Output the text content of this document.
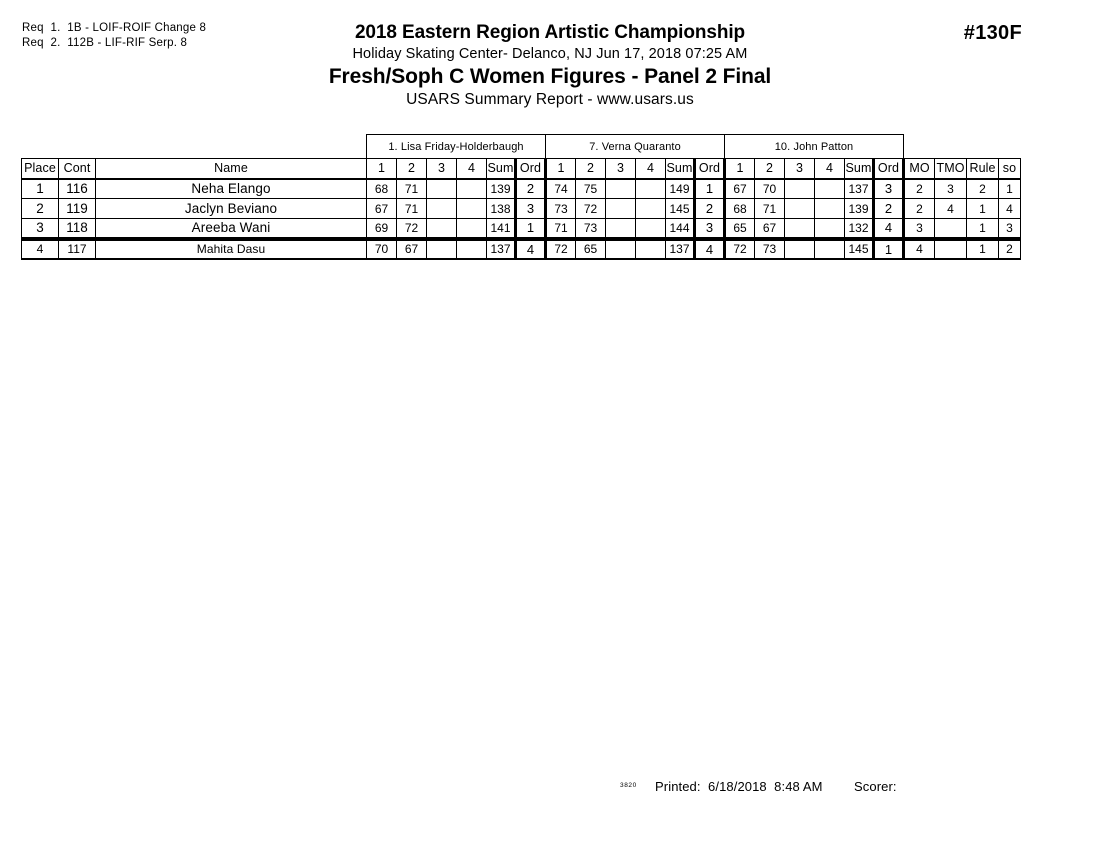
Req  1.  1B - LOIF-ROIF Change 8
Req  2.  112B - LIF-RIF Serp. 8	#130F
2018 Eastern Region Artistic Championship
Holiday Skating Center- Delanco, NJ Jun 17, 2018 07:25 AM
Fresh/Soph C Women Figures - Panel 2 Final
USARS Summary Report - www.usars.us
			1. Lisa Friday-Holderbaugh						7. Verna Quaranto						10. John Patton									
Place	Cont	Name	1	2	3	4	Sum	Ord	1	2	3	4	Sum	Ord	1	2	3	4	Sum	Ord	MO	TMO	Rule	so
1	116	Neha Elango	68	71			139	2	74	75			149	1	67	70			137	3	2	3	2	1
2	119	Jaclyn Beviano	67	71			138	3	73	72			145	2	68	71			139	2	2	4	1	4
3	118	Areeba Wani	69	72			141	1	71	73			144	3	65	67			132	4	3		1	3
4	117	Mahita Dasu	70	67			137	4	72	65			137	4	72	73			145	1	4		1	2
3820 Printed:  6/18/2018  8:48 AM Scorer:
